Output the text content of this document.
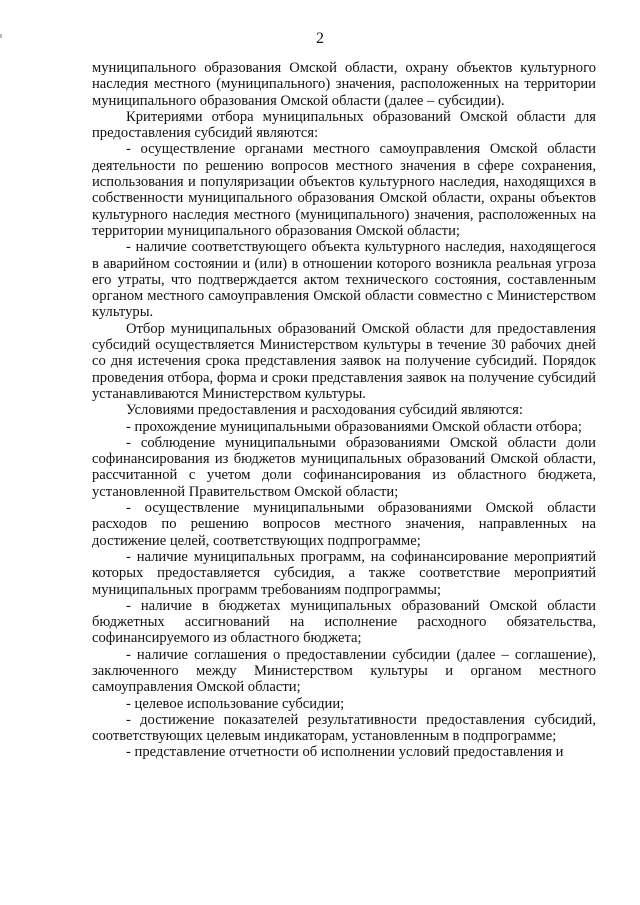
2

муниципального образования Омской области, охрану объектов культурного наследия местного (муниципального) значения, расположенных на территории муниципального образования Омской области (далее – субсидии).

Критериями отбора муниципальных образований Омской области для предоставления субсидий являются:

- осуществление органами местного самоуправления Омской области деятельности по решению вопросов местного значения в сфере сохранения, использования и популяризации объектов культурного наследия, находящихся в собственности муниципального образования Омской области, охраны объектов культурного наследия местного (муниципального) значения, расположенных на территории муниципального образования Омской области;

- наличие соответствующего объекта культурного наследия, находящегося в аварийном состоянии и (или) в отношении которого возникла реальная угроза его утраты, что подтверждается актом технического состояния, составленным органом местного самоуправления Омской области совместно с Министерством культуры.

Отбор муниципальных образований Омской области для предоставления субсидий осуществляется Министерством культуры в течение 30 рабочих дней со дня истечения срока представления заявок на получение субсидий. Порядок проведения отбора, форма и сроки представления заявок на получение субсидий устанавливаются Министерством культуры.

Условиями предоставления и расходования субсидий являются:

- прохождение муниципальными образованиями Омской области отбора;

- соблюдение муниципальными образованиями Омской области доли софинансирования из бюджетов муниципальных образований Омской области, рассчитанной с учетом доли софинансирования из областного бюджета, установленной Правительством Омской области;

- осуществление муниципальными образованиями Омской области расходов по решению вопросов местного значения, направленных на достижение целей, соответствующих подпрограмме;

- наличие муниципальных программ, на софинансирование мероприятий которых предоставляется субсидия, а также соответствие мероприятий муниципальных программ требованиям подпрограммы;

- наличие в бюджетах муниципальных образований Омской области бюджетных ассигнований на исполнение расходного обязательства, софинансируемого из областного бюджета;

- наличие соглашения о предоставлении субсидии (далее – соглашение), заключенного между Министерством культуры и органом местного самоуправления Омской области;

- целевое использование субсидии;

- достижение показателей результативности предоставления субсидий, соответствующих целевым индикаторам, установленным в подпрограмме;

- представление отчетности об исполнении условий предоставления и
